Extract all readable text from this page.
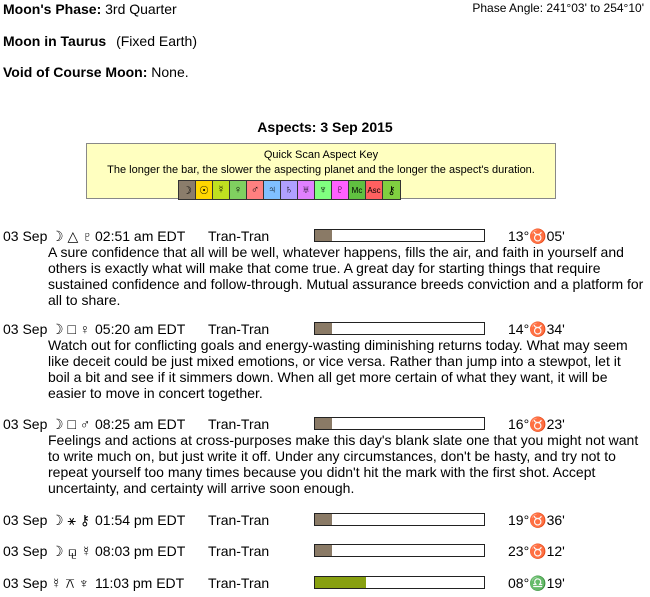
Moon's Phase: 3rd Quarter	Phase Angle: 241°03' to 254°10'
Moon in Taurus (Fixed Earth)
Void of Course Moon: None.
Aspects: 3 Sep 2015
Quick Scan Aspect Key
The longer the bar, the slower the aspecting planet and the longer the aspect's duration.
☽ ☉ ☿ ♀ ♂ ♃ ♄ ♅ ♆ ♇ Mc Asc ⚷
03 Sep ☽ △ ♇ 02:51 am EDT Tran-Tran	13°♉05'
A sure confidence that all will be well, whatever happens, fills the air, and faith in yourself and others is exactly what will make that come true. A great day for starting things that require sustained confidence and follow-through. Mutual assurance breeds conviction and a platform for all to share.
03 Sep ☽ □ ♀ 05:20 am EDT Tran-Tran	14°♉34'
Watch out for conflicting goals and energy-wasting diminishing returns today. What may seem like deceit could be just mixed emotions, or vice versa. Rather than jump into a stewpot, let it boil a bit and see if it simmers down. When all get more certain of what they want, it will be easier to move in concert together.
03 Sep ☽ □ ♂ 08:25 am EDT Tran-Tran	16°♉23'
Feelings and actions at cross-purposes make this day's blank slate one that you might not want to write much on, but just write it off. Under any circumstances, don't be hasty, and try not to repeat yourself too many times because you didn't hit the mark with the first shot. Accept uncertainty, and certainty will arrive soon enough.
03 Sep ☽ ⚹ ⚷ 01:54 pm EDT Tran-Tran	19°♉36'
03 Sep ☽ ⚼ ☿ 08:03 pm EDT Tran-Tran	23°♉12'
03 Sep ☿ ⚻ ♆ 11:03 pm EDT Tran-Tran	08°♎19'
